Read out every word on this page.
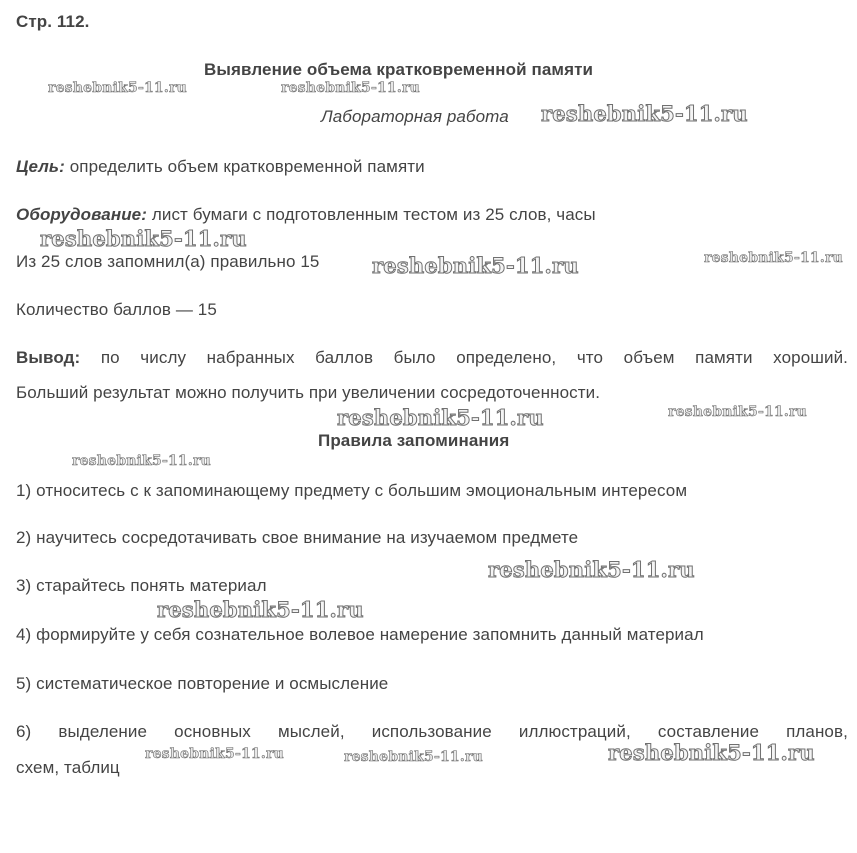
Стр. 112.
Выявление объема кратковременной памяти
Лабораторная работа
Цель: определить объем кратковременной памяти
Оборудование: лист бумаги с подготовленным тестом из 25 слов, часы
Из 25 слов запомнил(а) правильно 15
Количество баллов — 15
Вывод: по числу набранных баллов было определено, что объем памяти хороший.
Больший результат можно получить при увеличении сосредоточенности.
Правила запоминания
1) относитесь с к запоминающему предмету с большим эмоциональным интересом
2) научитесь сосредотачивать свое внимание на изучаемом предмете
3) старайтесь понять материал
4) формируйте у себя сознательное волевое намерение запомнить данный материал
5) систематическое повторение и осмысление
6) выделение основных мыслей, использование иллюстраций, составление планов,
схем, таблиц
reshebnik5-11.ru	reshebnik5-11.ru
reshebnik5-11.ru
reshebnik5-11.ru
reshebnik5-11.ru	reshebnik5-11.ru
reshebnik5-11.ru	reshebnik5-11.ru
reshebnik5-11.ru
reshebnik5-11.ru
reshebnik5-11.ru
reshebnik5-11.ru	reshebnik5-11.ru	reshebnik5-11.ru
